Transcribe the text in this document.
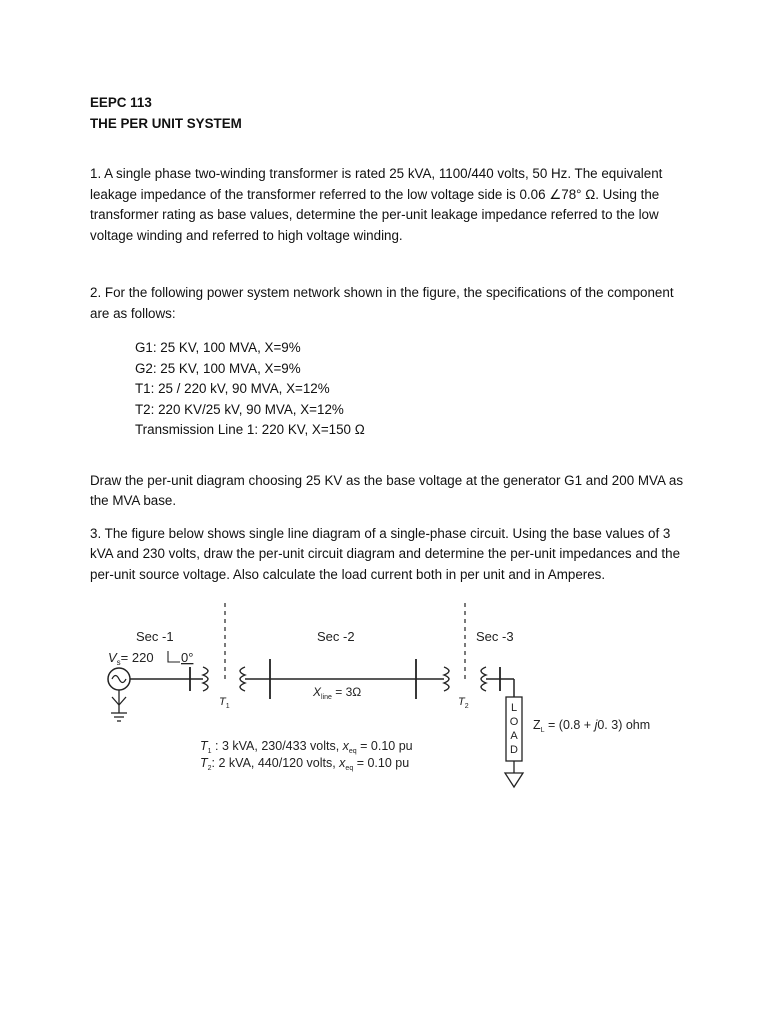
EEPC 113

THE PER UNIT SYSTEM

1. A single phase two-winding transformer is rated 25 kVA, 1100/440 volts, 50 Hz. The equivalent leakage impedance of the transformer referred to the low voltage side is 0.06 ∠78° Ω. Using the transformer rating as base values, determine the per-unit leakage impedance referred to the low voltage winding and referred to high voltage winding.

2. For the following power system network shown in the figure, the specifications of the component are as follows:

G1: 25 KV, 100 MVA, X=9%

G2: 25 KV, 100 MVA, X=9%

T1: 25 / 220 kV, 90 MVA, X=12%

T2: 220 KV/25 kV, 90 MVA, X=12%

Transmission Line 1: 220 KV, X=150 Ω

Draw the per-unit diagram choosing 25 KV as the base voltage at the generator G1 and 200 MVA as the MVA base.

3. The figure below shows single line diagram of a single-phase circuit. Using the base values of 3 kVA and 230 volts, draw the per-unit circuit diagram and determine the per-unit impedances and the per-unit source voltage. Also calculate the load current both in per unit and in Amperes.

Sec -1	Sec -2	Sec -3
$V_s= 220$ 0°
$T_1$
$X_{line} = 3\Omega$
$T_2$	L
O
A
D
$Z_L = (0.8 + j0$. 3) ohm
$T_1$ : 3 kVA, 230/433 volts, $x_{eq} = 0.10$ pu
$T_2$: 2 kVA, 440/120 volts, $x_{eq} = 0.10$ pu
